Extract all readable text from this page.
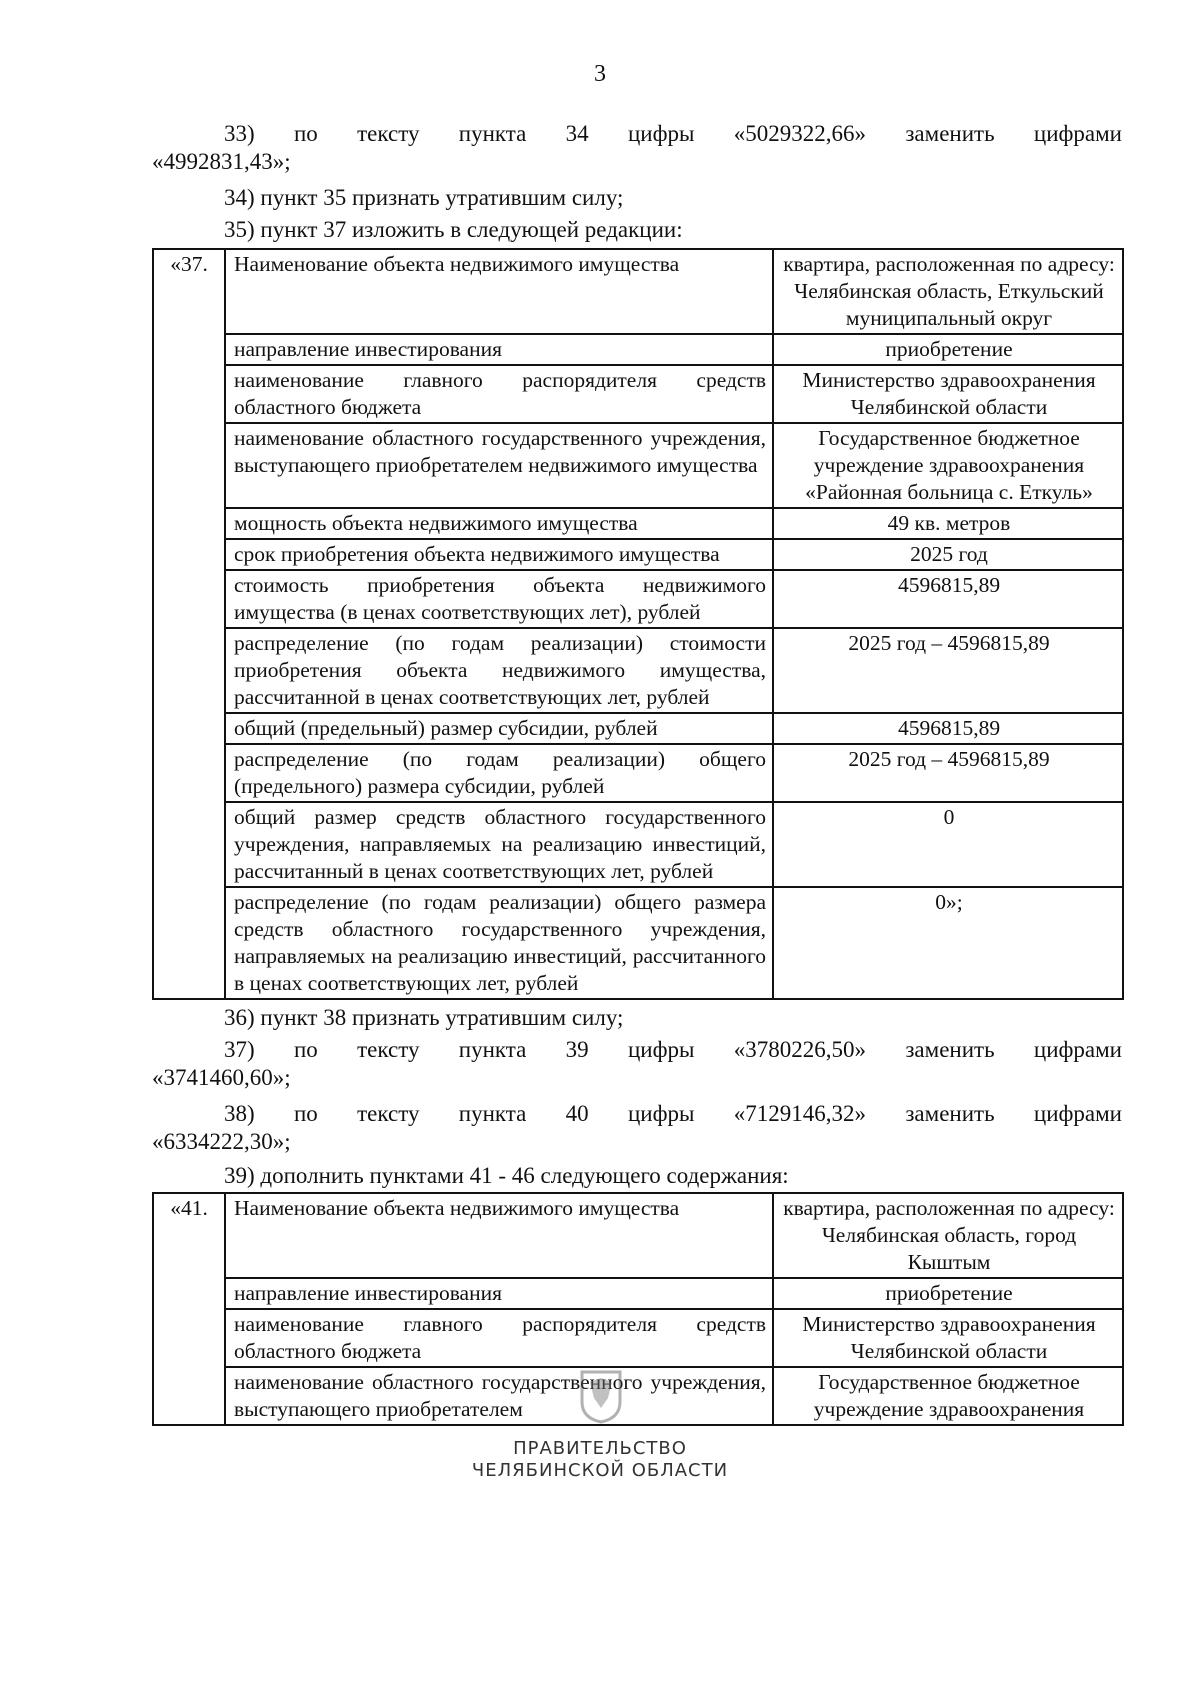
3
33) по тексту пункта 34 цифры «5029322,66» заменить цифрами
«4992831,43»;
34) пункт 35 признать утратившим силу;
35) пункт 37 изложить в следующей редакции:
«37.	Наименование объекта недвижимого имущества	квартира, расположенная по адресу: Челябинская область, Еткульский муниципальный округ
	направление инвестирования	приобретение
	наименование главного распорядителя средств областного бюджета	Министерство здравоохранения Челябинской области
	наименование областного государственного учреждения, выступающего приобретателем недвижимого имущества	Государственное бюджетное учреждение здравоохранения «Районная больница с. Еткуль»
	мощность объекта недвижимого имущества	49 кв. метров
	срок приобретения объекта недвижимого имущества	2025 год
	стоимость приобретения объекта недвижимого имущества (в ценах соответствующих лет), рублей	4596815,89
	распределение (по годам реализации) стоимости приобретения объекта недвижимого имущества, рассчитанной в ценах соответствующих лет, рублей	2025 год – 4596815,89
	общий (предельный) размер субсидии, рублей	4596815,89
	распределение (по годам реализации) общего (предельного) размера субсидии, рублей	2025 год – 4596815,89
	общий размер средств областного государственного учреждения, направляемых на реализацию инвестиций, рассчитанный в ценах соответствующих лет, рублей	0
	распределение (по годам реализации) общего размера средств областного государственного учреждения, направляемых на реализацию инвестиций, рассчитанного в ценах соответствующих лет, рублей	0»;
36) пункт 38 признать утратившим силу;
37) по тексту пункта 39 цифры «3780226,50» заменить цифрами
«3741460,60»;
38) по тексту пункта 40 цифры «7129146,32» заменить цифрами
«6334222,30»;
39) дополнить пунктами 41 - 46 следующего содержания:
«41.	Наименование объекта недвижимого имущества	квартира, расположенная по адресу: Челябинская область, город Кыштым
	направление инвестирования	приобретение
	наименование главного распорядителя средств областного бюджета	Министерство здравоохранения Челябинской области
	наименование областного государственного учреждения, выступающего приобретателем	Государственное бюджетное учреждение здравоохранения
ПРАВИТЕЛЬСТВО
ЧЕЛЯБИНСКОЙ ОБЛАСТИ
